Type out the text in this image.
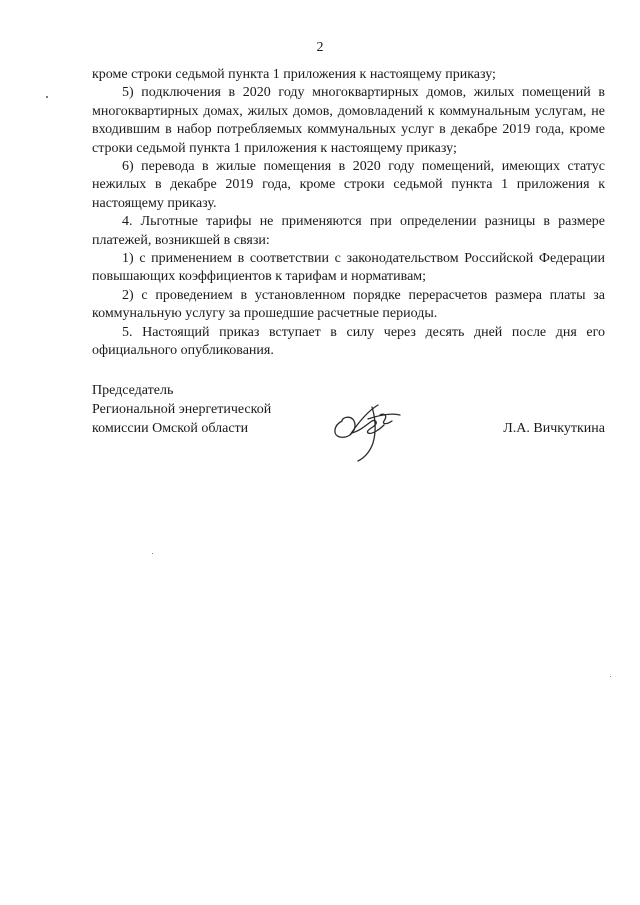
2

кроме строки седьмой пункта 1 приложения к настоящему приказу;

5) подключения в 2020 году многоквартирных домов, жилых помещений в многоквартирных домах, жилых домов, домовладений к коммунальным услугам, не входившим в набор потребляемых коммунальных услуг в декабре 2019 года, кроме строки седьмой пункта 1 приложения к настоящему приказу;

6) перевода в жилые помещения в 2020 году помещений, имеющих статус нежилых в декабре 2019 года, кроме строки седьмой пункта 1 приложения к настоящему приказу.

4. Льготные тарифы не применяются при определении разницы в размере платежей, возникшей в связи:

1) с применением в соответствии с законодательством Российской Федерации повышающих коэффициентов к тарифам и нормативам;

2) с проведением в установленном порядке перерасчетов размера платы за коммунальную услугу за прошедшие расчетные периоды.

5. Настоящий приказ вступает в силу через десять дней после дня его официального опубликования.

Председатель

Региональной энергетической

комиссии Омской области	Л.А. Вичкуткина
